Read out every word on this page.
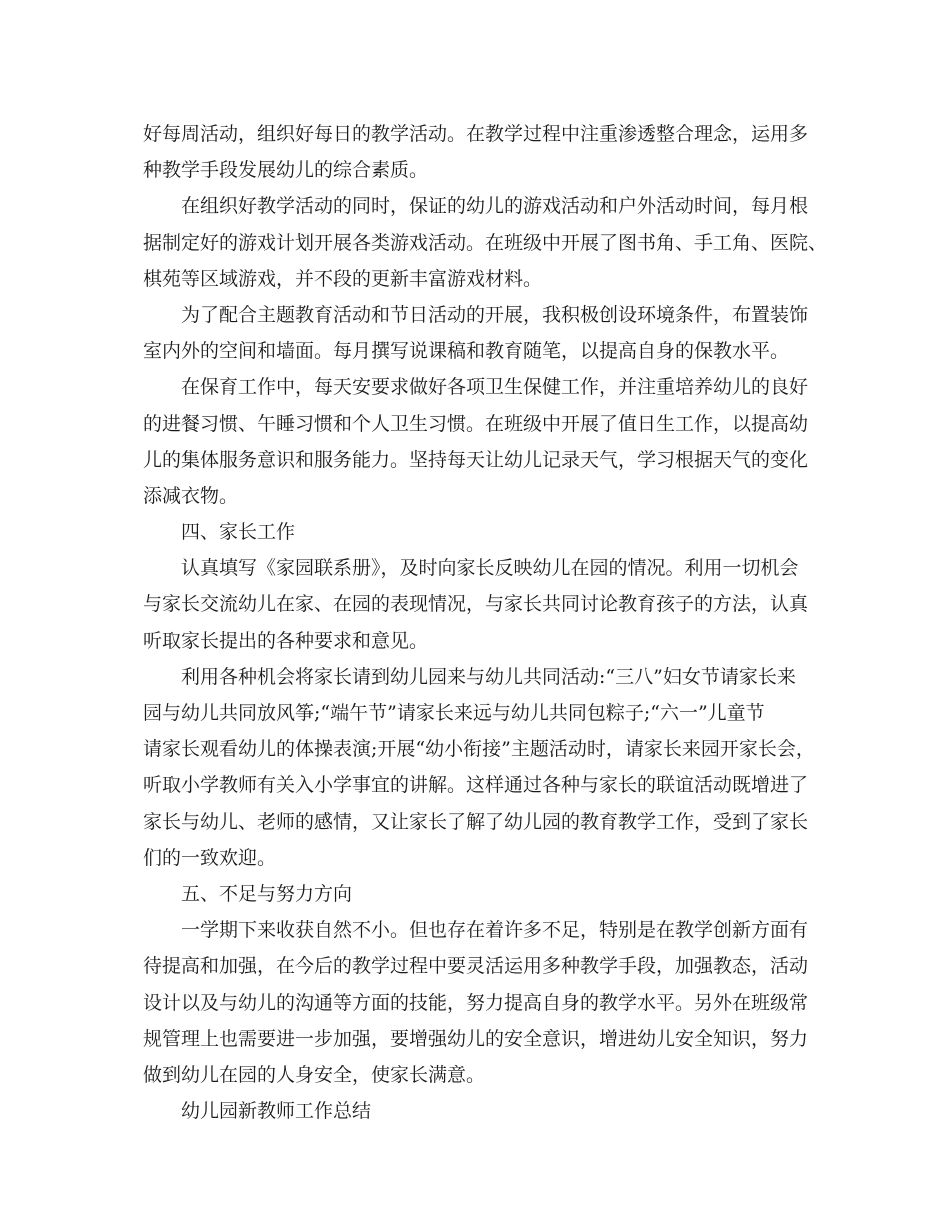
好每周活动，组织好每日的教学活动。在教学过程中注重渗透整合理念，运用多
种教学手段发展幼儿的综合素质。
在组织好教学活动的同时，保证的幼儿的游戏活动和户外活动时间，每月根
据制定好的游戏计划开展各类游戏活动。在班级中开展了图书角、手工角、医院、
棋苑等区域游戏，并不段的更新丰富游戏材料。
为了配合主题教育活动和节日活动的开展，我积极创设环境条件，布置装饰
室内外的空间和墙面。每月撰写说课稿和教育随笔，以提高自身的保教水平。
在保育工作中，每天安要求做好各项卫生保健工作，并注重培养幼儿的良好
的进餐习惯、午睡习惯和个人卫生习惯。在班级中开展了值日生工作，以提高幼
儿的集体服务意识和服务能力。坚持每天让幼儿记录天气，学习根据天气的变化
添减衣物。
四、家长工作
认真填写《家园联系册》，及时向家长反映幼儿在园的情况。利用一切机会
与家长交流幼儿在家、在园的表现情况，与家长共同讨论教育孩子的方法，认真
听取家长提出的各种要求和意见。
利用各种机会将家长请到幼儿园来与幼儿共同活动:“三八”妇女节请家长来
园与幼儿共同放风筝;“端午节”请家长来远与幼儿共同包粽子;“六一”儿童节
请家长观看幼儿的体操表演;开展“幼小衔接”主题活动时，请家长来园开家长会，
听取小学教师有关入小学事宜的讲解。这样通过各种与家长的联谊活动既增进了
家长与幼儿、老师的感情，又让家长了解了幼儿园的教育教学工作，受到了家长
们的一致欢迎。
五、不足与努力方向
一学期下来收获自然不小。但也存在着许多不足，特别是在教学创新方面有
待提高和加强，在今后的教学过程中要灵活运用多种教学手段，加强教态，活动
设计以及与幼儿的沟通等方面的技能，努力提高自身的教学水平。另外在班级常
规管理上也需要进一步加强，要增强幼儿的安全意识，增进幼儿安全知识，努力
做到幼儿在园的人身安全，使家长满意。
幼儿园新教师工作总结
